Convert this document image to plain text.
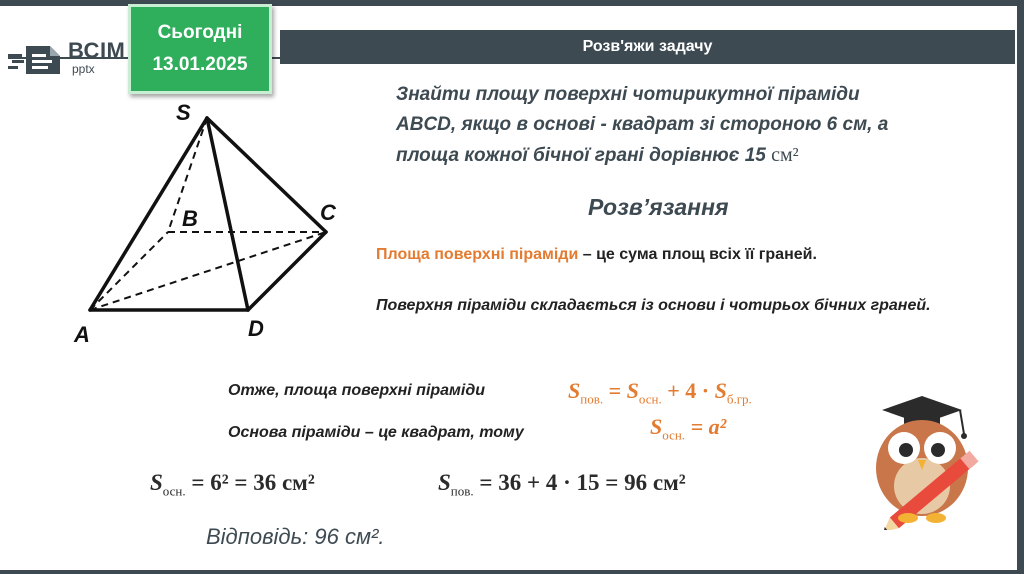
Розв'яжи задачу
ВСІМ
pptx
Сьогодні
13.01.2025
S
B	C
A	D
Знайти площу поверхні чотирикутної піраміди
ABCD, якщо в основі - квадрат зі стороною 6 см, а
площа кожної бічної грані дорівнює 15 см²
Розв’язання
Площа поверхні піраміди – це сума площ всіх її граней.
Поверхня піраміди складається із основи і чотирьох бічних граней.
Отже, площа поверхні піраміди	$S_{пов.} = S_{осн.} + 4 \cdot S_{б.гр.}$
Основа піраміди – це квадрат, тому	$S_{осн.} = a^2$
$S_{осн.} = 6^2 = 36$ см²	$S_{пов.} = 36 + 4 \cdot 15 = 96$ см²
Відповідь: 96 см².
